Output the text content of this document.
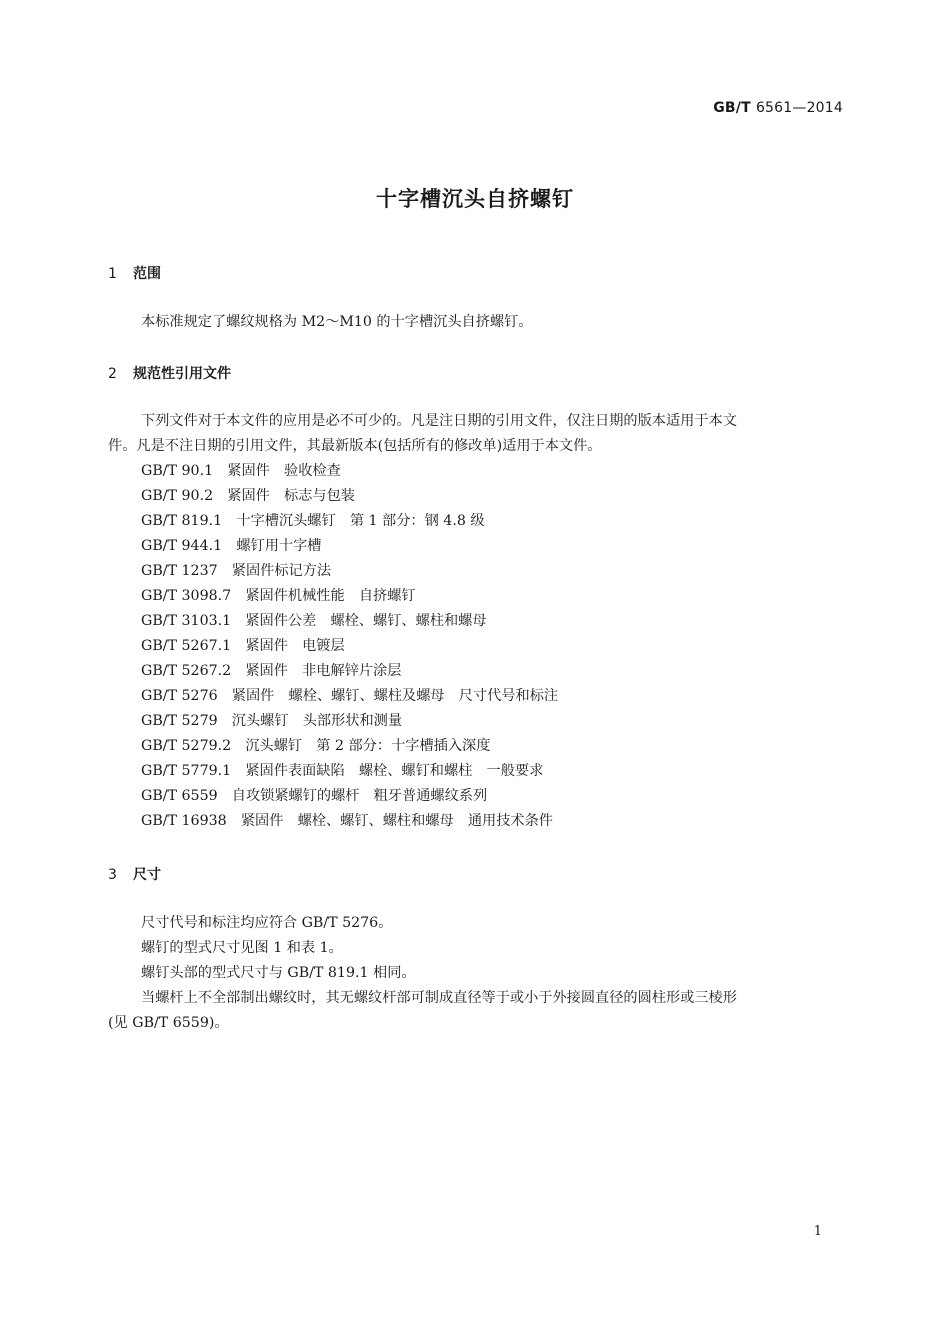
GB/T 6561—2014
十字槽沉头自挤螺钉
1 范围
本标准规定了螺纹规格为 M2～M10 的十字槽沉头自挤螺钉。
2 规范性引用文件
下列文件对于本文件的应用是必不可少的。凡是注日期的引用文件，仅注日期的版本适用于本文
件。凡是不注日期的引用文件，其最新版本(包括所有的修改单)适用于本文件。
GB/T 90.1　紧固件　验收检查
GB/T 90.2　紧固件　标志与包装
GB/T 819.1　十字槽沉头螺钉　第 1 部分：钢 4.8 级
GB/T 944.1　螺钉用十字槽
GB/T 1237　紧固件标记方法
GB/T 3098.7　紧固件机械性能　自挤螺钉
GB/T 3103.1　紧固件公差　螺栓、螺钉、螺柱和螺母
GB/T 5267.1　紧固件　电镀层
GB/T 5267.2　紧固件　非电解锌片涂层
GB/T 5276　紧固件　螺栓、螺钉、螺柱及螺母　尺寸代号和标注
GB/T 5279　沉头螺钉　头部形状和测量
GB/T 5279.2　沉头螺钉　第 2 部分：十字槽插入深度
GB/T 5779.1　紧固件表面缺陷　螺栓、螺钉和螺柱　一般要求
GB/T 6559　自攻锁紧螺钉的螺杆　粗牙普通螺纹系列
GB/T 16938　紧固件　螺栓、螺钉、螺柱和螺母　通用技术条件
3 尺寸
尺寸代号和标注均应符合 GB/T 5276。
螺钉的型式尺寸见图 1 和表 1。
螺钉头部的型式尺寸与 GB/T 819.1 相同。
当螺杆上不全部制出螺纹时，其无螺纹杆部可制成直径等于或小于外接圆直径的圆柱形或三棱形
(见 GB/T 6559)。
1
